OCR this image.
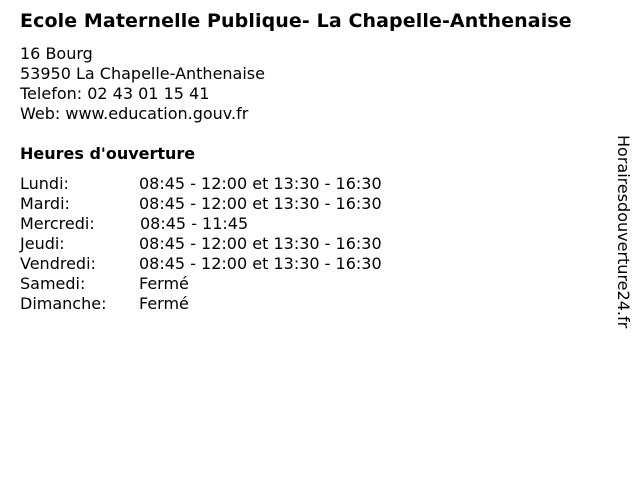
Ecole Maternelle Publique- La Chapelle-Anthenaise
16 Bourg
53950 La Chapelle-Anthenaise
Telefon: 02 43 01 15 41
Web: www.education.gouv.fr
Heures d'ouverture
Lundi:	08:45 - 12:00 et 13:30 - 16:30
Mardi:	08:45 - 12:00 et 13:30 - 16:30
Mercredi:	08:45 - 11:45
Jeudi:	08:45 - 12:00 et 13:30 - 16:30
Vendredi:	08:45 - 12:00 et 13:30 - 16:30
Samedi:	Fermé
Dimanche: Fermé	Horairesdouverture24.fr
